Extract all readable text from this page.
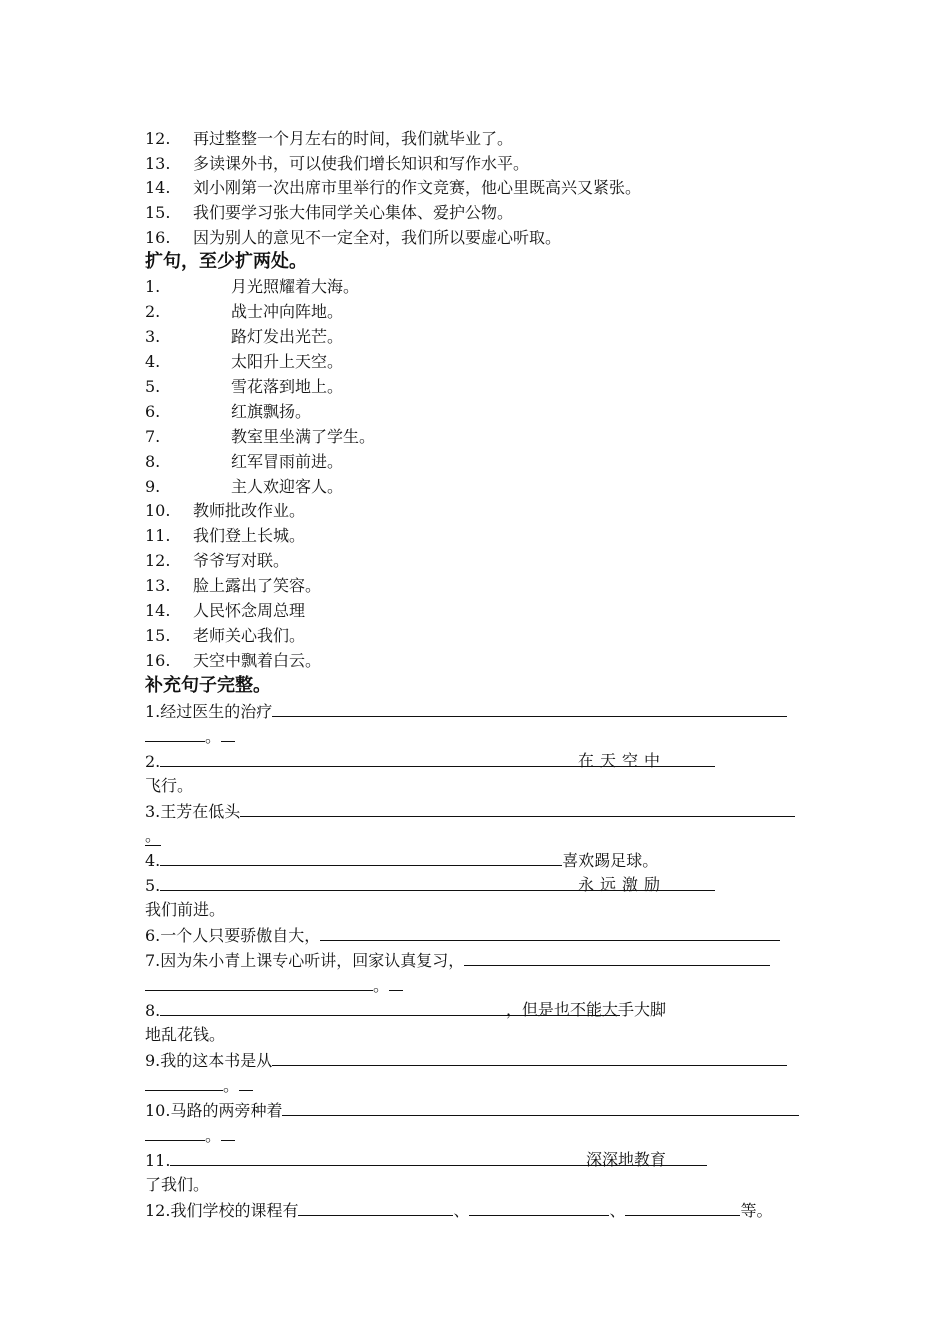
12. 再过整整一个月左右的时间，我们就毕业了。
13. 多读课外书，可以使我们增长知识和写作水平。
14. 刘小刚第一次出席市里举行的作文竞赛，他心里既高兴又紧张。
15. 我们要学习张大伟同学关心集体、爱护公物。
16. 因为别人的意见不一定全对，我们所以要虚心听取。
扩句，至少扩两处。
1.	月光照耀着大海。
2.	战士冲向阵地。
3.	路灯发出光芒。
4.	太阳升上天空。
5.	雪花落到地上。
6.	红旗飘扬。
7.	教室里坐满了学生。
8.	红军冒雨前进。
9.	主人欢迎客人。
10. 教师批改作业。
11. 我们登上长城。
12. 爷爷写对联。
13. 脸上露出了笑容。
14. 人民怀念周总理
15. 老师关心我们。
16. 天空中飘着白云。
补充句子完整。
1.经过医生的治疗
。
2.	在天空中
飞行。
3.王芳在低头
。
4.	喜欢踢足球。
5.	永远激励
我们前进。
6.一个人只要骄傲自大，
7.因为朱小青上课专心听讲，回家认真复习，
。
8.	，但是也不能大手大脚
地乱花钱。
9.我的这本书是从
。
10.马路的两旁种着
。
11.	深深地教育
了我们。
12.我们学校的课程有	、	、	等。
